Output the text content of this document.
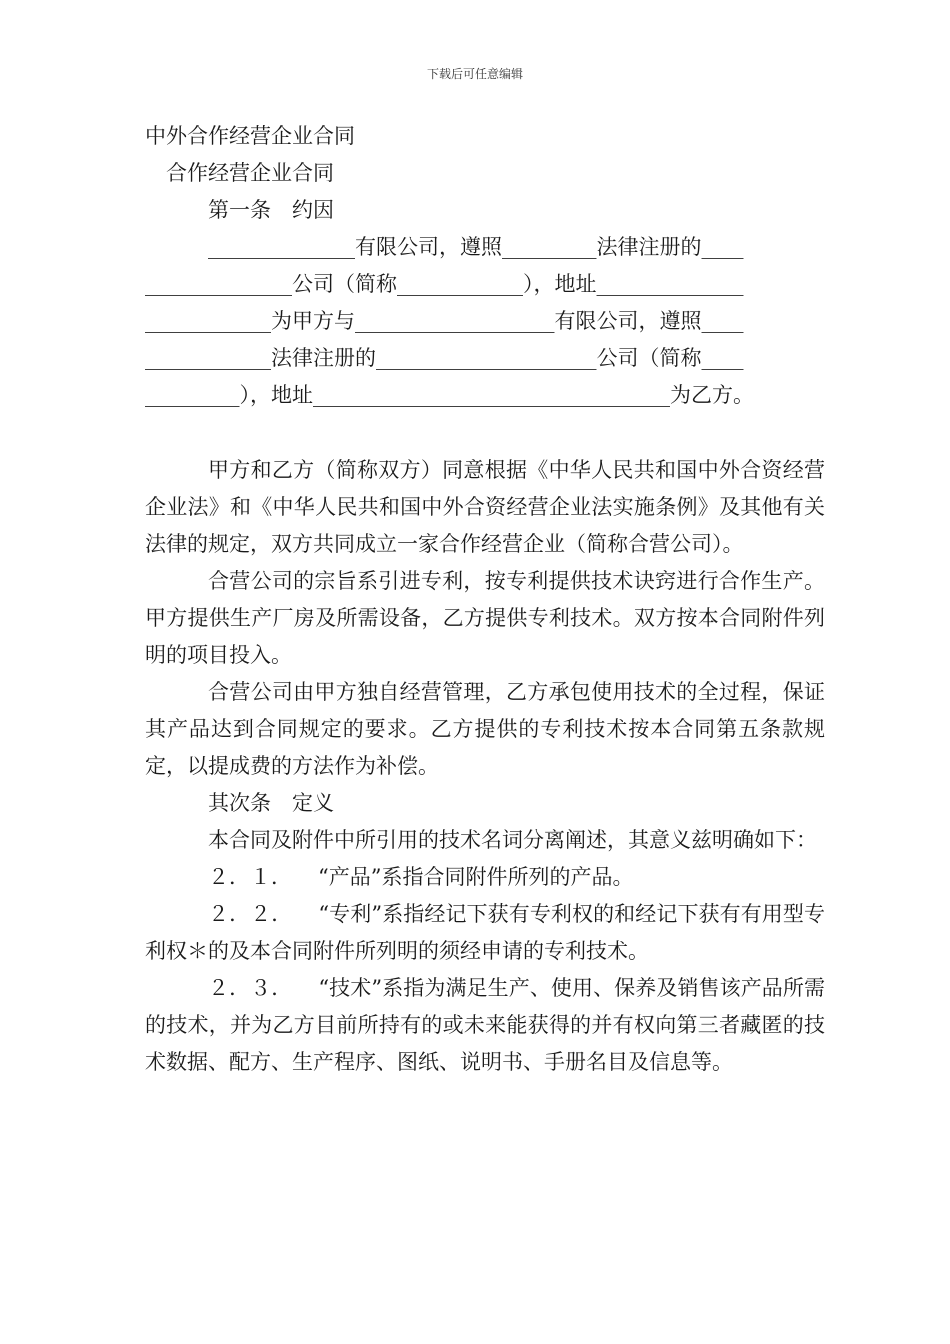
下载后可任意编辑
中外合作经营企业合同
合作经营企业合同
第一条　约因
______________有限公司，遵照_________法律注册的____
______________公司（简称____________），地址______________
____________为甲方与___________________有限公司，遵照____
____________法律注册的_____________________公司（简称____
_________），地址__________________________________为乙方。
甲方和乙方（简称双方）同意根据《中华人民共和国中外合资经营企业法》和《中华人民共和国中外合资经营企业法实施条例》及其他有关法律的规定，双方共同成立一家合作经营企业（简称合营公司）。
合营公司的宗旨系引进专利，按专利提供技术诀窍进行合作生产。甲方提供生产厂房及所需设备，乙方提供专利技术。双方按本合同附件列明的项目投入。
合营公司由甲方独自经营管理，乙方承包使用技术的全过程，保证其产品达到合同规定的要求。乙方提供的专利技术按本合同第五条款规定，以提成费的方法作为补偿。
其次条　定义
本合同及附件中所引用的技术名词分离阐述，其意义兹明确如下：
２．１． “产品”系指合同附件所列的产品。
２．２． “专利”系指经记下获有专利权的和经记下获有有用型专利权＊的及本合同附件所列明的须经申请的专利技术。
２．３． “技术”系指为满足生产、使用、保养及销售该产品所需的技术，并为乙方目前所持有的或未来能获得的并有权向第三者藏匿的技术数据、配方、生产程序、图纸、说明书、手册名目及信息等。
